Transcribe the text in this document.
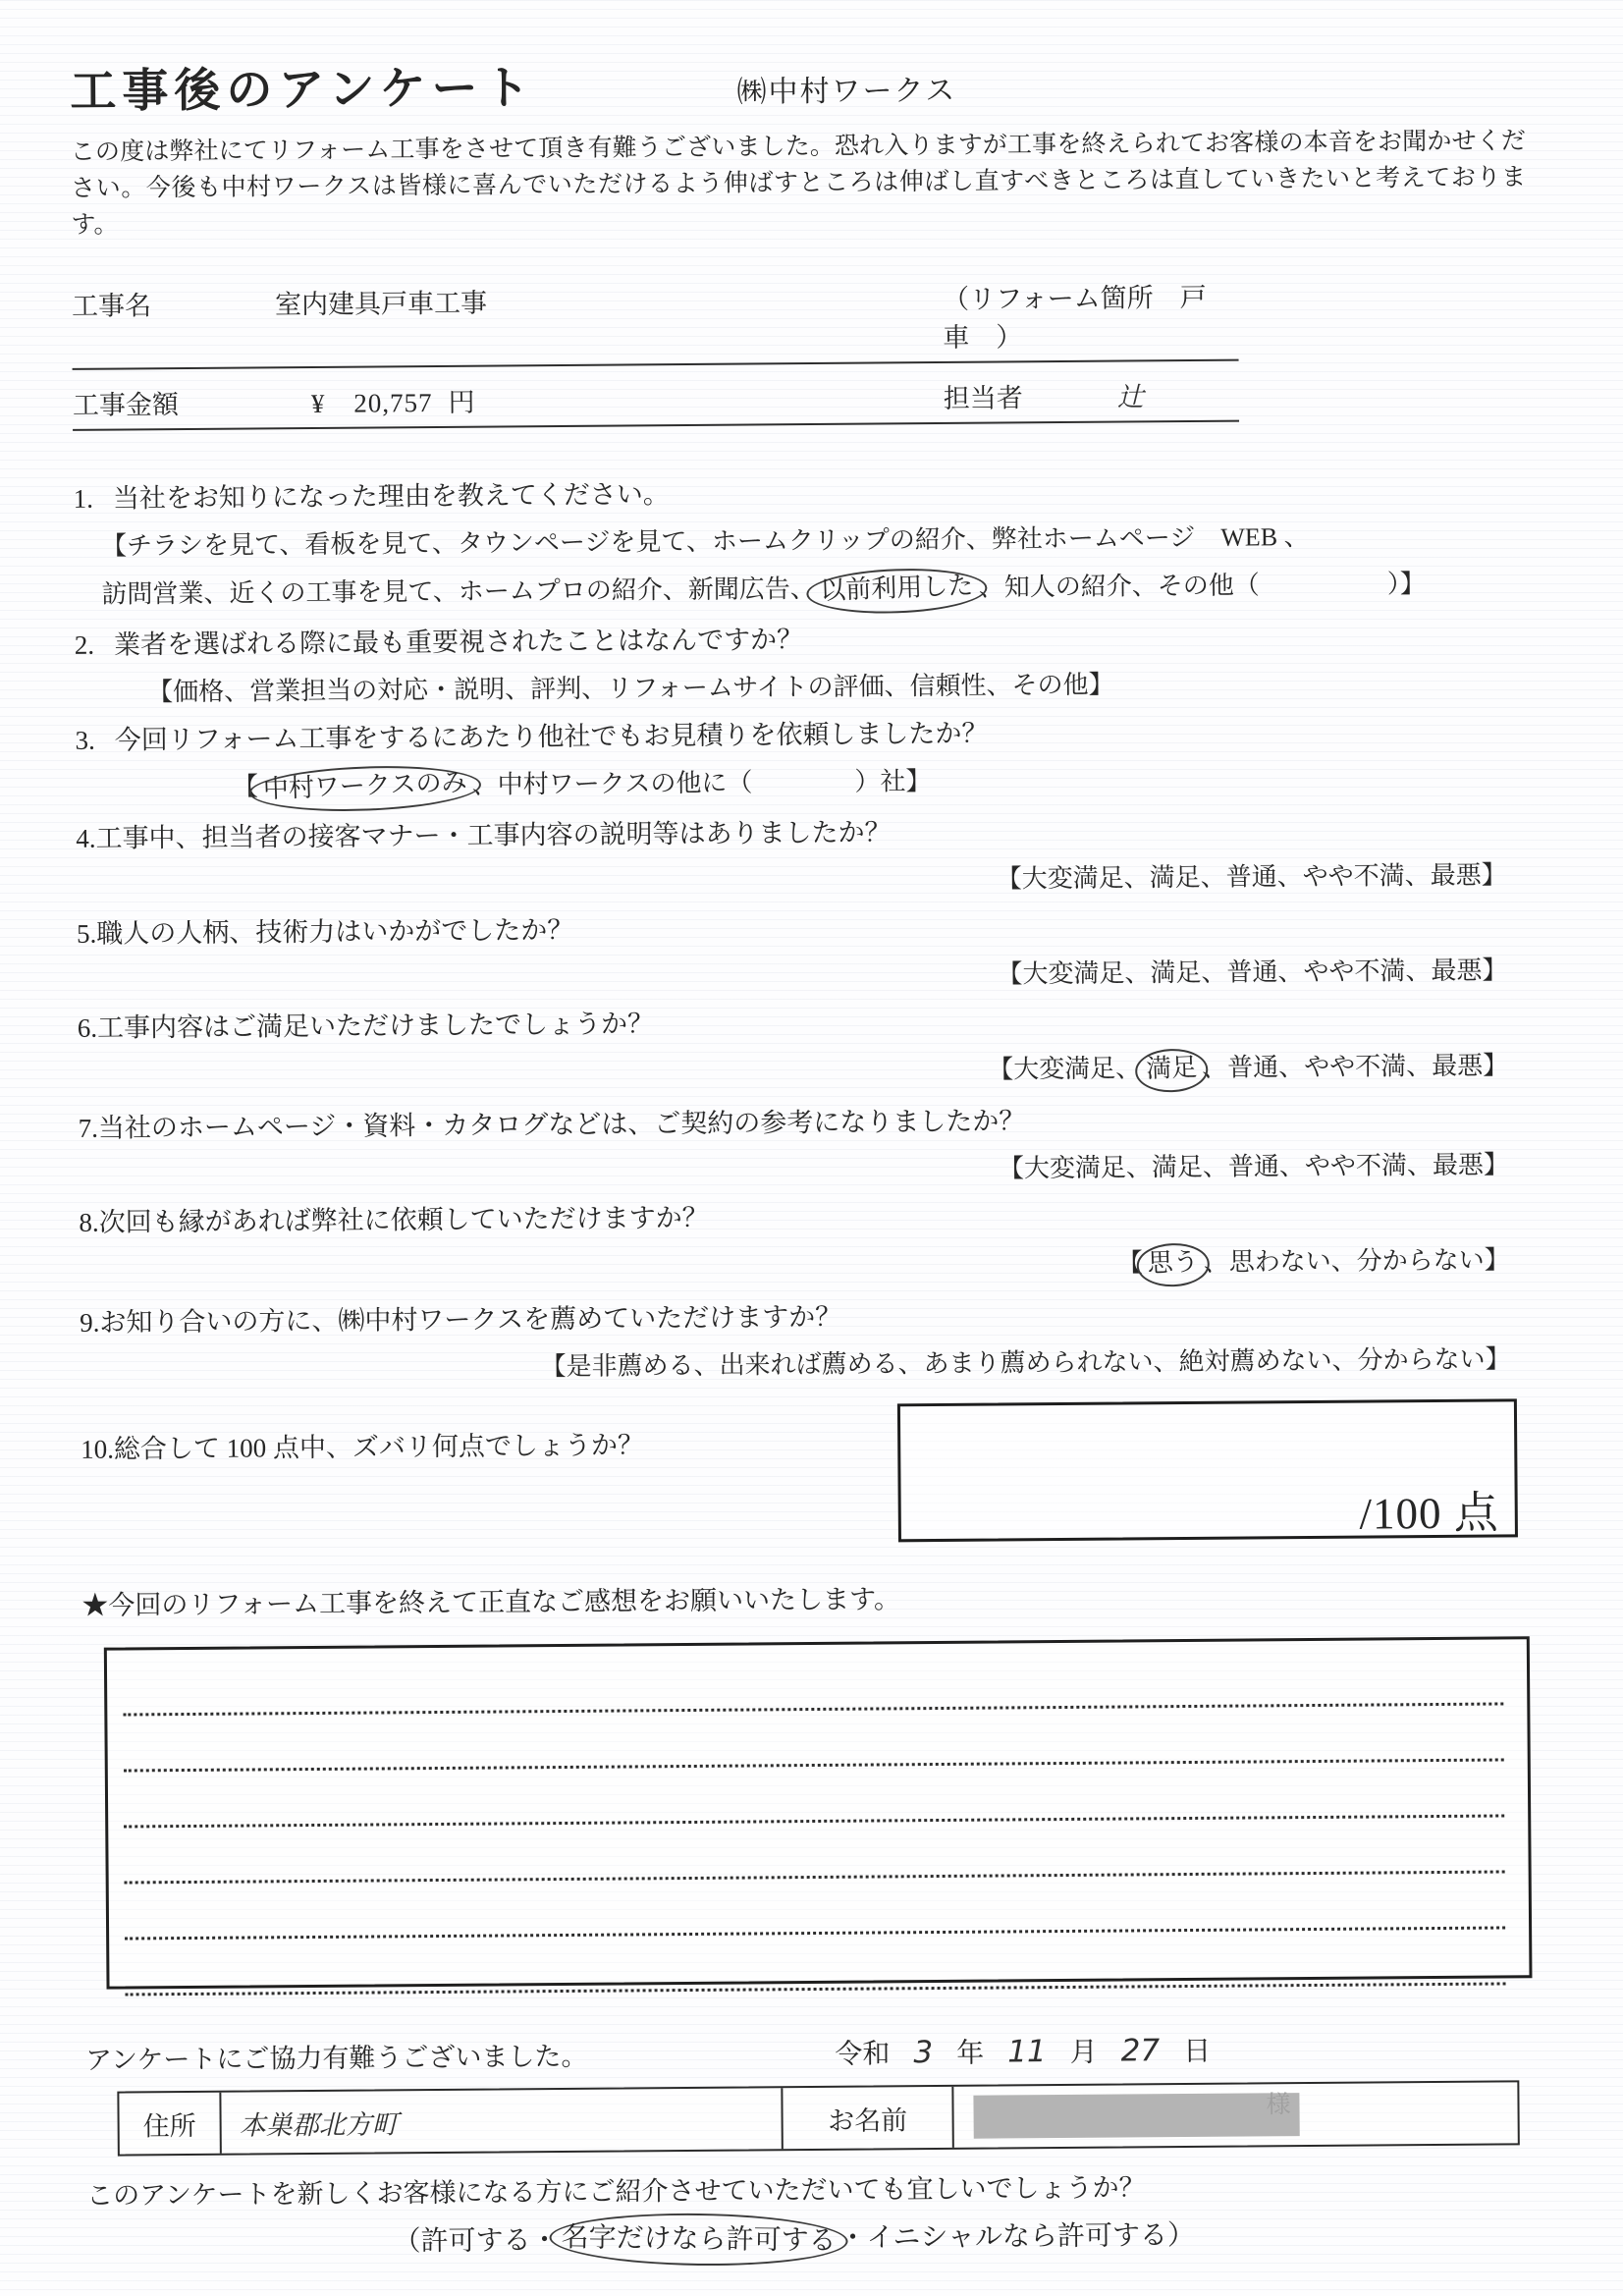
工事後のアンケート	㈱中村ワークス
この度は弊社にてリフォーム工事をさせて頂き有難うございました。恐れ入りますが工事を終えられてお客様の本音をお聞かせください。今後も中村ワークスは皆様に喜んでいただけるよう伸ばすところは伸ばし直すべきところは直していきたいと考えております。
工事名	室内建具戸車工事	（リフォーム箇所　戸車　）
工事金額	¥ 20,757 円	担当者	辻
1. 当社をお知りになった理由を教えてください。
【チラシを見て、看板を見て、タウンページを見て、ホームクリップの紹介、弊社ホームページ　WEB 、
訪問営業、近くの工事を見て、ホームプロの紹介、新聞広告、 以前利用した 、知人の紹介、その他（　　　　　）】
2. 業者を選ばれる際に最も重要視されたことはなんですか？
【価格、営業担当の対応・説明、評判、リフォームサイトの評価、信頼性、その他】
3. 今回リフォーム工事をするにあたり他社でもお見積りを依頼しましたか？
【 中村ワークスのみ 、中村ワークスの他に（　　　　）社】
4.工事中、担当者の接客マナー・工事内容の説明等はありましたか？
【大変満足、満足、普通、やや不満、最悪】
5.職人の人柄、技術力はいかがでしたか？
【大変満足、満足、普通、やや不満、最悪】
6.工事内容はご満足いただけましたでしょうか？
【大変満足、 満足 、普通、やや不満、最悪】
7.当社のホームページ・資料・カタログなどは、ご契約の参考になりましたか？
【大変満足、満足、普通、やや不満、最悪】
8.次回も縁があれば弊社に依頼していただけますか？
【 思う 、思わない、分からない】
9.お知り合いの方に、㈱中村ワークスを薦めていただけますか？
【是非薦める、出来れば薦める、あまり薦められない、絶対薦めない、分からない】
10.総合して 100 点中、ズバリ何点でしょうか？
/100 点
★今回のリフォーム工事を終えて正直なご感想をお願いいたします。
アンケートにご協力有難うございました。	令和 3 年 11 月 27 日
住所	本巣郡北方町	お名前	様
このアンケートを新しくお客様になる方にご紹介させていただいても宜しいでしょうか？
（許可する・名字だけなら許可する・イニシャルなら許可する）
